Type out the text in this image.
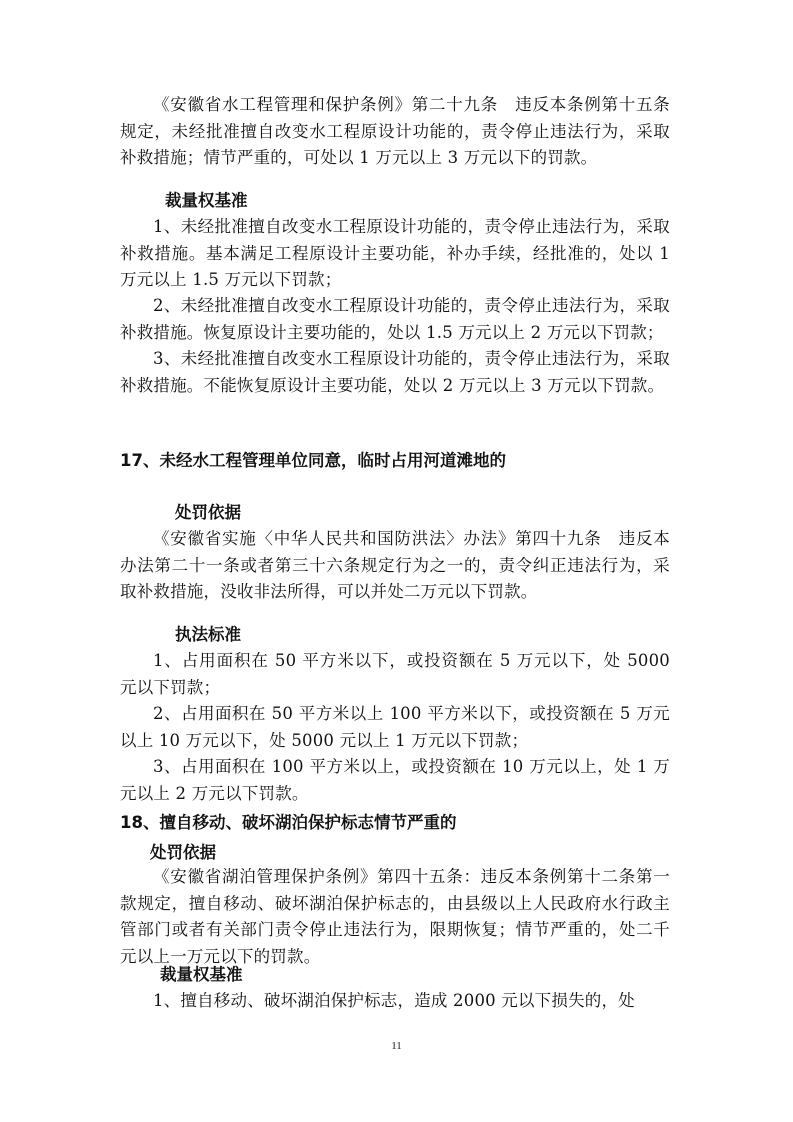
《安徽省水工程管理和保护条例》第二十九条　违反本条例第十五条规定，未经批准擅自改变水工程原设计功能的，责令停止违法行为，采取补救措施；情节严重的，可处以 1 万元以上 3 万元以下的罚款。

裁量权基准

1、未经批准擅自改变水工程原设计功能的，责令停止违法行为，采取补救措施。基本满足工程原设计主要功能，补办手续，经批准的，处以 1 万元以上 1.5 万元以下罚款；

2、未经批准擅自改变水工程原设计功能的，责令停止违法行为，采取补救措施。恢复原设计主要功能的，处以 1.5 万元以上 2 万元以下罚款；

3、未经批准擅自改变水工程原设计功能的，责令停止违法行为，采取补救措施。不能恢复原设计主要功能，处以 2 万元以上 3 万元以下罚款。

17、未经水工程管理单位同意，临时占用河道滩地的

处罚依据

《安徽省实施〈中华人民共和国防洪法〉办法》第四十九条　违反本办法第二十一条或者第三十六条规定行为之一的，责令纠正违法行为，采取补救措施，没收非法所得，可以并处二万元以下罚款。

执法标准

1、占用面积在 50 平方米以下，或投资额在 5 万元以下，处 5000 元以下罚款；

2、占用面积在 50 平方米以上 100 平方米以下，或投资额在 5 万元以上 10 万元以下，处 5000 元以上 1 万元以下罚款；

3、占用面积在 100 平方米以上，或投资额在 10 万元以上，处 1 万元以上 2 万元以下罚款。

18、擅自移动、破坏湖泊保护标志情节严重的

处罚依据

《安徽省湖泊管理保护条例》第四十五条：违反本条例第十二条第一款规定，擅自移动、破坏湖泊保护标志的，由县级以上人民政府水行政主管部门或者有关部门责令停止违法行为，限期恢复；情节严重的，处二千元以上一万元以下的罚款。

裁量权基准

1、擅自移动、破坏湖泊保护标志，造成 2000 元以下损失的，处

11
